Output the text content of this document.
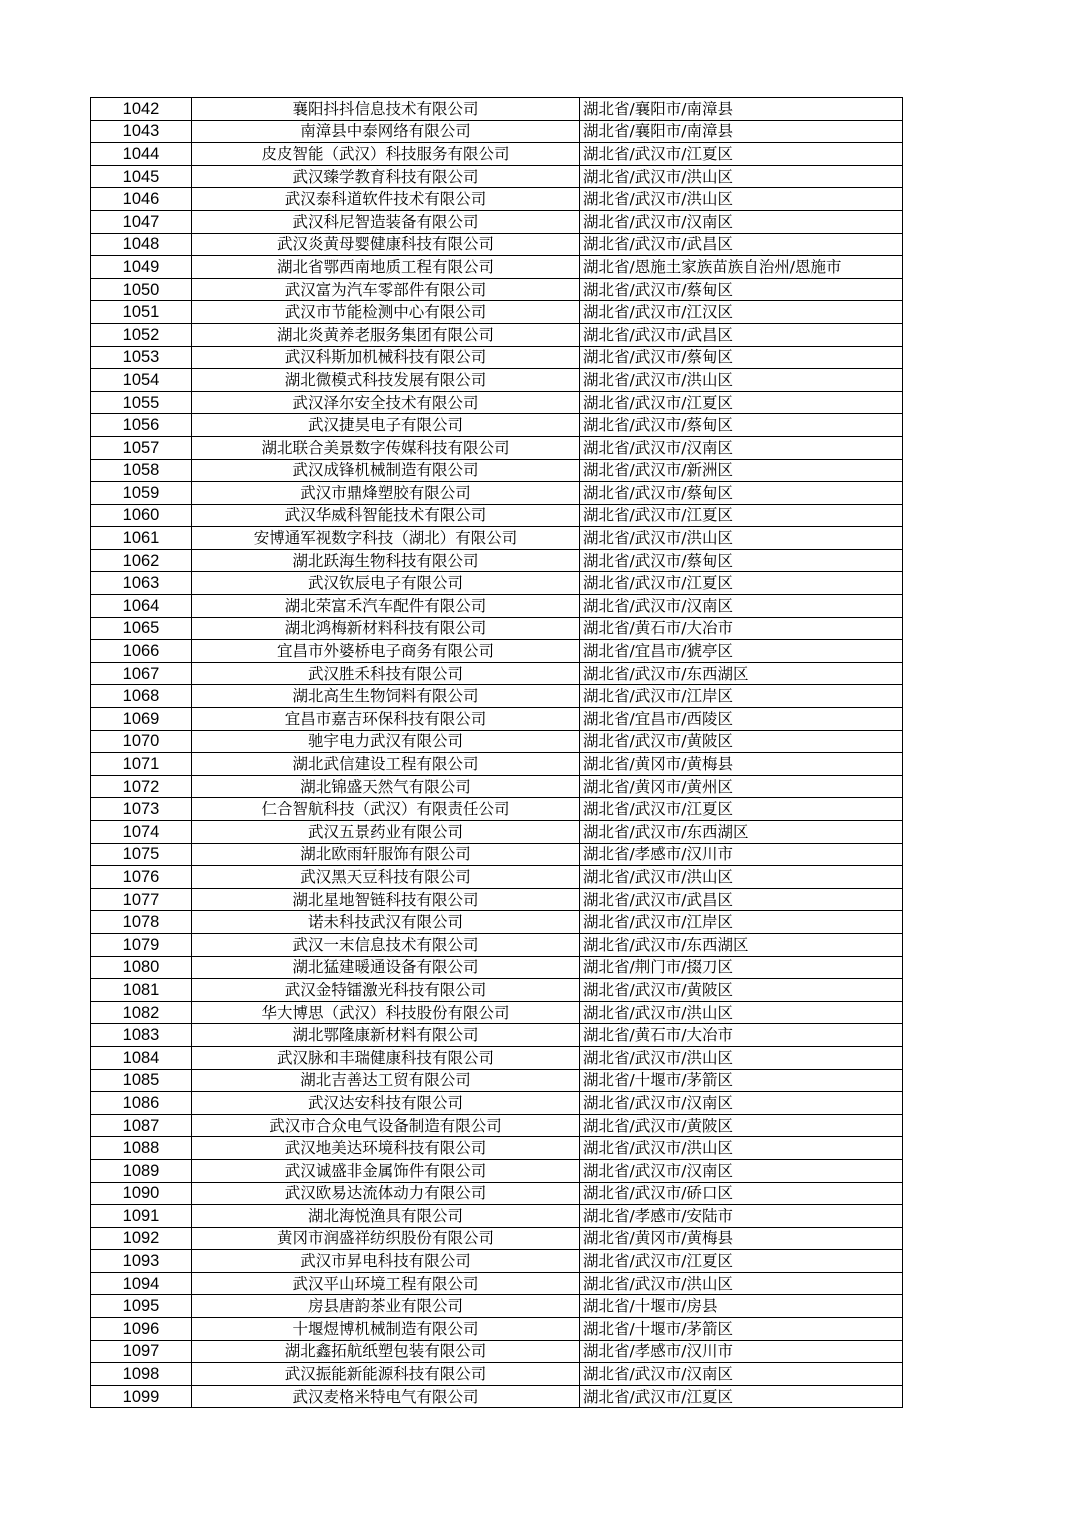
1042	襄阳抖抖信息技术有限公司	湖北省/襄阳市/南漳县
1043	南漳县中泰网络有限公司	湖北省/襄阳市/南漳县
1044	皮皮智能（武汉）科技服务有限公司	湖北省/武汉市/江夏区
1045	武汉臻学教育科技有限公司	湖北省/武汉市/洪山区
1046	武汉泰科道软件技术有限公司	湖北省/武汉市/洪山区
1047	武汉科尼智造装备有限公司	湖北省/武汉市/汉南区
1048	武汉炎黄母婴健康科技有限公司	湖北省/武汉市/武昌区
1049	湖北省鄂西南地质工程有限公司	湖北省/恩施土家族苗族自治州/恩施市
1050	武汉富为汽车零部件有限公司	湖北省/武汉市/蔡甸区
1051	武汉市节能检测中心有限公司	湖北省/武汉市/江汉区
1052	湖北炎黄养老服务集团有限公司	湖北省/武汉市/武昌区
1053	武汉科斯加机械科技有限公司	湖北省/武汉市/蔡甸区
1054	湖北微模式科技发展有限公司	湖北省/武汉市/洪山区
1055	武汉泽尔安全技术有限公司	湖北省/武汉市/江夏区
1056	武汉捷昊电子有限公司	湖北省/武汉市/蔡甸区
1057	湖北联合美景数字传媒科技有限公司	湖北省/武汉市/汉南区
1058	武汉成锋机械制造有限公司	湖北省/武汉市/新洲区
1059	武汉市鼎烽塑胶有限公司	湖北省/武汉市/蔡甸区
1060	武汉华威科智能技术有限公司	湖北省/武汉市/江夏区
1061	安博通军视数字科技（湖北）有限公司	湖北省/武汉市/洪山区
1062	湖北跃海生物科技有限公司	湖北省/武汉市/蔡甸区
1063	武汉钦辰电子有限公司	湖北省/武汉市/江夏区
1064	湖北荣富禾汽车配件有限公司	湖北省/武汉市/汉南区
1065	湖北鸿梅新材料科技有限公司	湖北省/黄石市/大冶市
1066	宜昌市外婆桥电子商务有限公司	湖北省/宜昌市/猇亭区
1067	武汉胜禾科技有限公司	湖北省/武汉市/东西湖区
1068	湖北高生生物饲料有限公司	湖北省/武汉市/江岸区
1069	宜昌市嘉吉环保科技有限公司	湖北省/宜昌市/西陵区
1070	驰宇电力武汉有限公司	湖北省/武汉市/黄陂区
1071	湖北武信建设工程有限公司	湖北省/黄冈市/黄梅县
1072	湖北锦盛天然气有限公司	湖北省/黄冈市/黄州区
1073	仁合智航科技（武汉）有限责任公司	湖北省/武汉市/江夏区
1074	武汉五景药业有限公司	湖北省/武汉市/东西湖区
1075	湖北欧雨轩服饰有限公司	湖北省/孝感市/汉川市
1076	武汉黑天豆科技有限公司	湖北省/武汉市/洪山区
1077	湖北星地智链科技有限公司	湖北省/武汉市/武昌区
1078	诺未科技武汉有限公司	湖北省/武汉市/江岸区
1079	武汉一末信息技术有限公司	湖北省/武汉市/东西湖区
1080	湖北猛建暖通设备有限公司	湖北省/荆门市/掇刀区
1081	武汉金特镭激光科技有限公司	湖北省/武汉市/黄陂区
1082	华大博思（武汉）科技股份有限公司	湖北省/武汉市/洪山区
1083	湖北鄂隆康新材料有限公司	湖北省/黄石市/大冶市
1084	武汉脉和丰瑞健康科技有限公司	湖北省/武汉市/洪山区
1085	湖北吉善达工贸有限公司	湖北省/十堰市/茅箭区
1086	武汉达安科技有限公司	湖北省/武汉市/汉南区
1087	武汉市合众电气设备制造有限公司	湖北省/武汉市/黄陂区
1088	武汉地美达环境科技有限公司	湖北省/武汉市/洪山区
1089	武汉诚盛非金属饰件有限公司	湖北省/武汉市/汉南区
1090	武汉欧易达流体动力有限公司	湖北省/武汉市/硚口区
1091	湖北海悦渔具有限公司	湖北省/孝感市/安陆市
1092	黄冈市润盛祥纺织股份有限公司	湖北省/黄冈市/黄梅县
1093	武汉市昇电科技有限公司	湖北省/武汉市/江夏区
1094	武汉平山环境工程有限公司	湖北省/武汉市/洪山区
1095	房县唐韵茶业有限公司	湖北省/十堰市/房县
1096	十堰煜博机械制造有限公司	湖北省/十堰市/茅箭区
1097	湖北鑫拓航纸塑包装有限公司	湖北省/孝感市/汉川市
1098	武汉振能新能源科技有限公司	湖北省/武汉市/汉南区
1099	武汉麦格米特电气有限公司	湖北省/武汉市/江夏区
